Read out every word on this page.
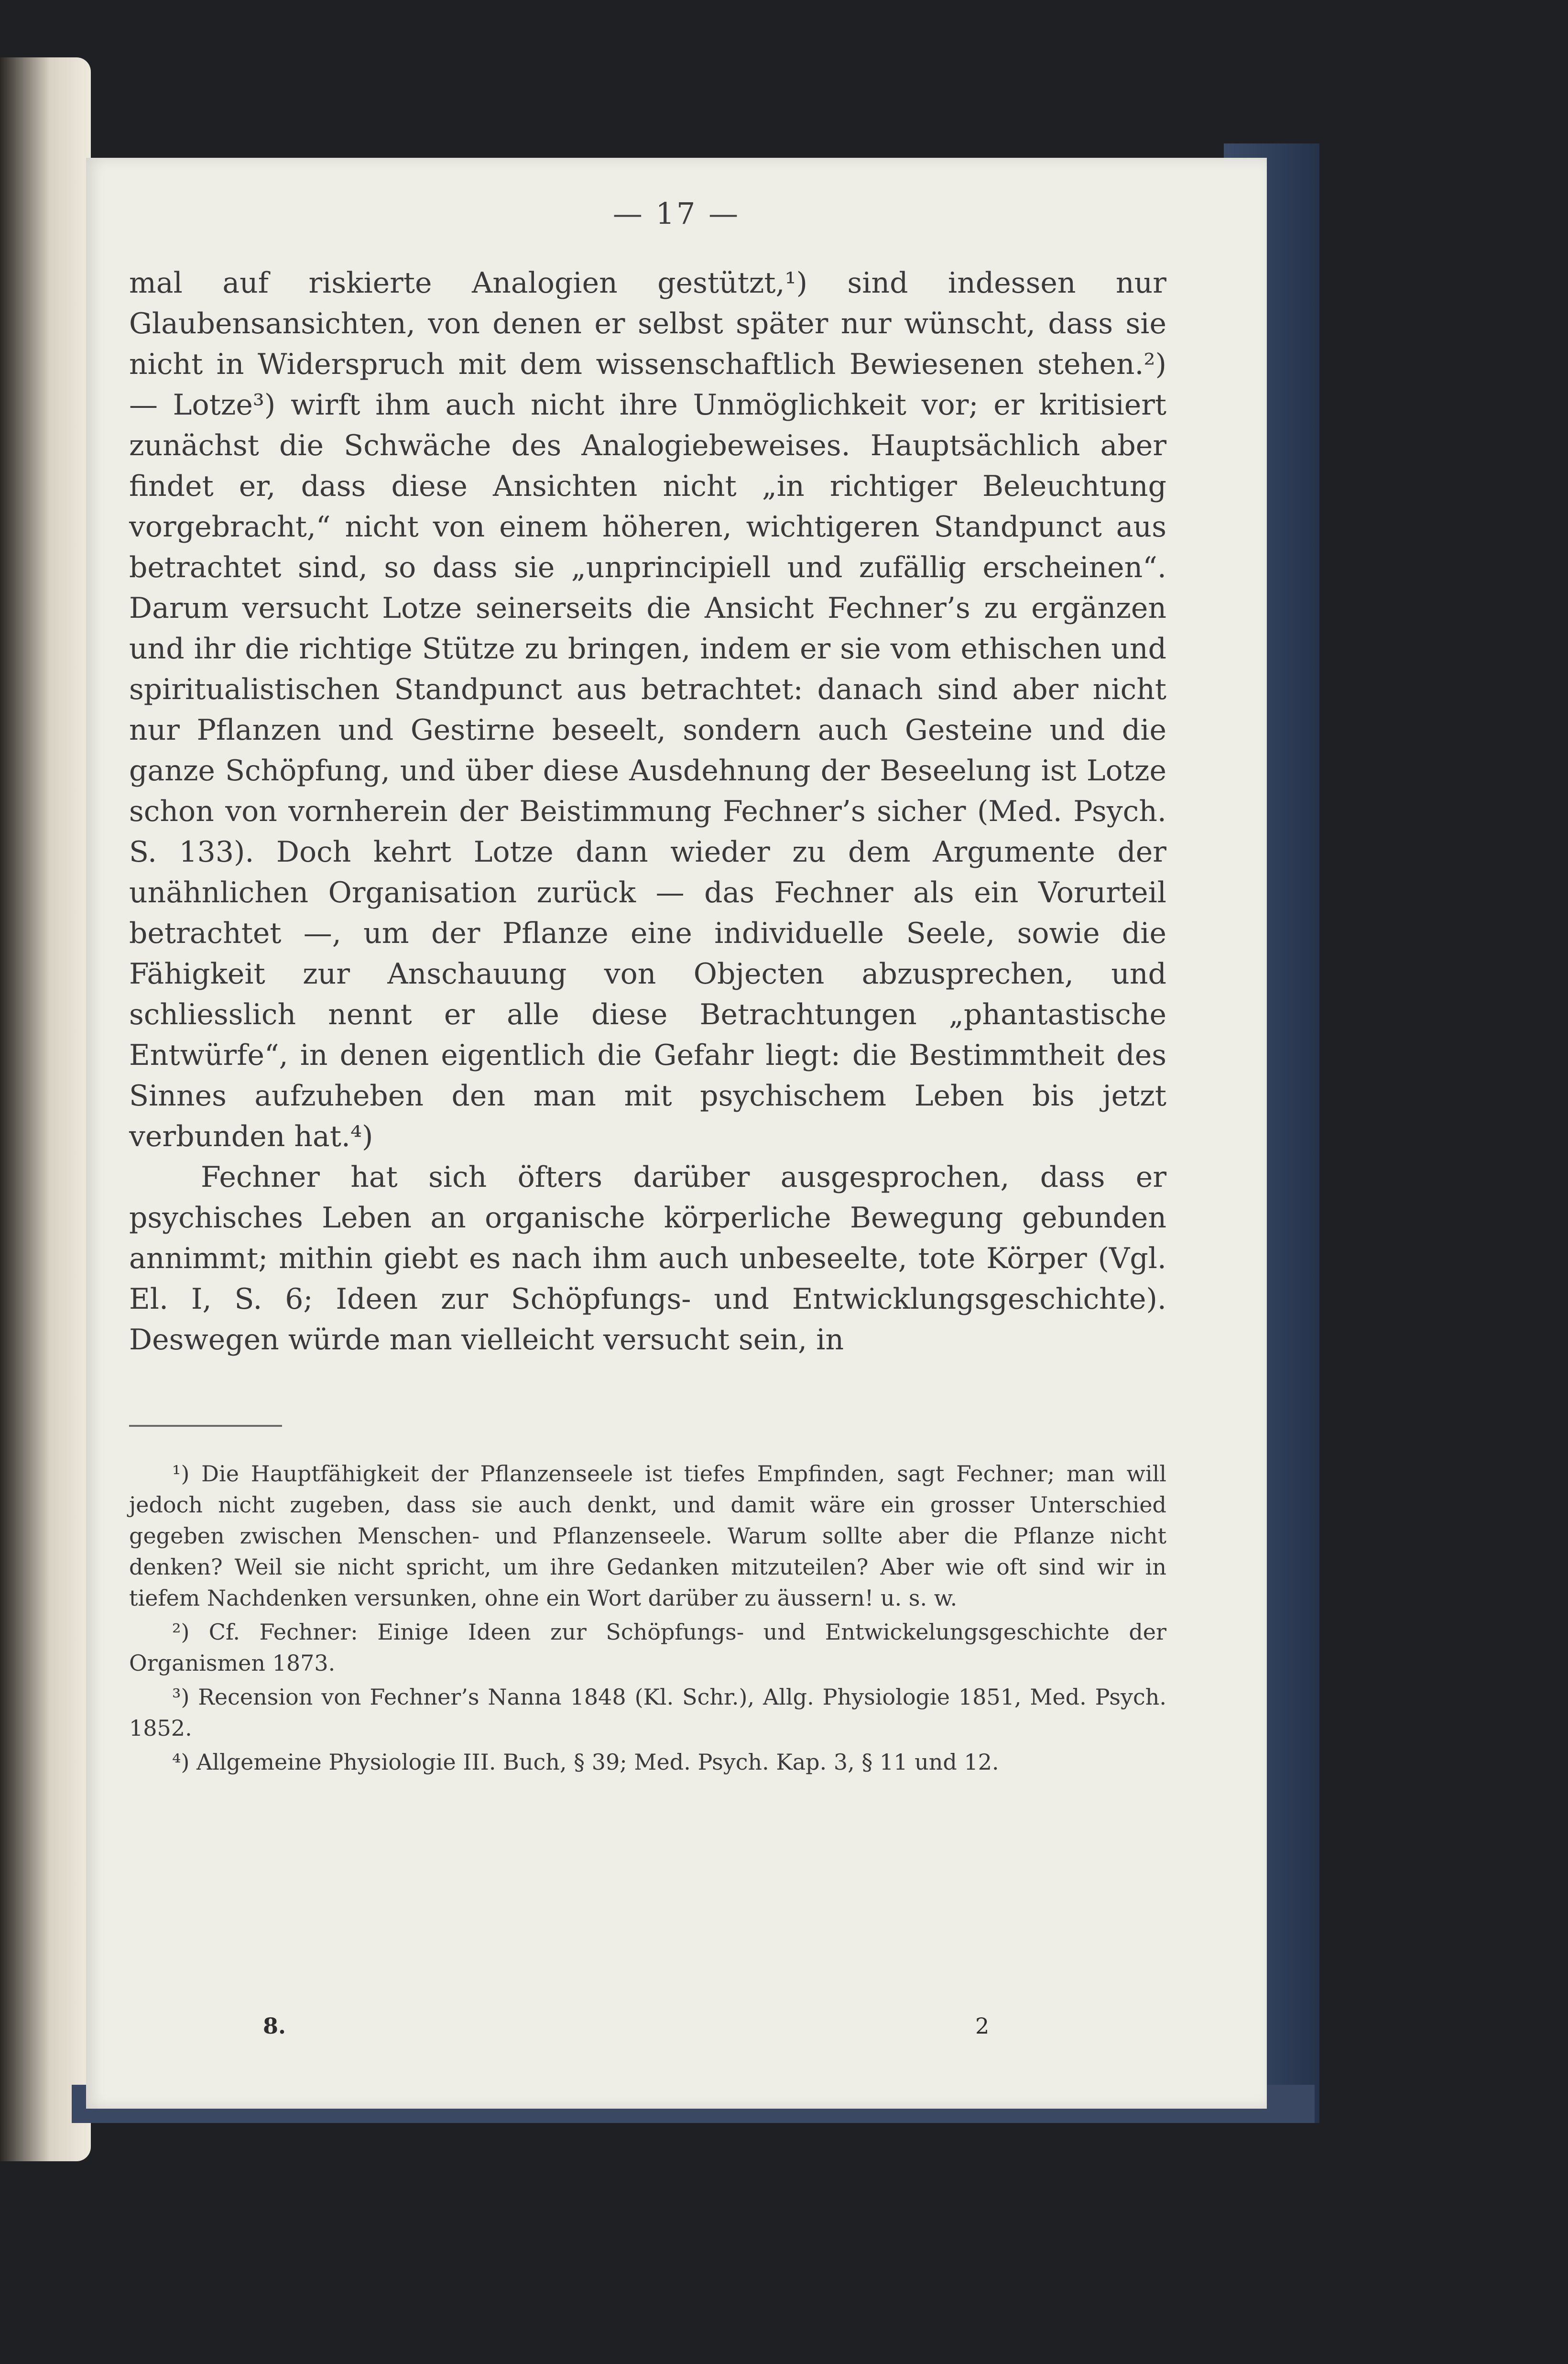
— 17 —

mal auf riskierte Analogien gestützt,¹) sind indessen nur Glaubensansichten, von denen er selbst später nur wünscht, dass sie nicht in Widerspruch mit dem wissenschaftlich Bewiesenen stehen.²) — Lotze³) wirft ihm auch nicht ihre Unmöglichkeit vor; er kritisiert zunächst die Schwäche des Analogiebeweises. Hauptsächlich aber findet er, dass diese Ansichten nicht „in richtiger Beleuchtung vorgebracht,“ nicht von einem höheren, wichtigeren Standpunct aus betrachtet sind, so dass sie „unprincipiell und zufällig erscheinen“. Darum versucht Lotze seinerseits die Ansicht Fechner’s zu ergänzen und ihr die richtige Stütze zu bringen, indem er sie vom ethischen und spiritualistischen Standpunct aus betrachtet: danach sind aber nicht nur Pflanzen und Gestirne beseelt, sondern auch Gesteine und die ganze Schöpfung, und über diese Ausdehnung der Beseelung ist Lotze schon von vornherein der Beistimmung Fechner’s sicher (Med. Psych. S. 133). Doch kehrt Lotze dann wieder zu dem Argumente der unähnlichen Organisation zurück — das Fechner als ein Vorurteil betrachtet —, um der Pflanze eine individuelle Seele, sowie die Fähigkeit zur Anschauung von Objecten abzusprechen, und schliesslich nennt er alle diese Betrachtungen „phantastische Entwürfe“, in denen eigentlich die Gefahr liegt: die Bestimmtheit des Sinnes aufzuheben den man mit psychischem Leben bis jetzt verbunden hat.⁴)

Fechner hat sich öfters darüber ausgesprochen, dass er psychisches Leben an organische körperliche Bewegung gebunden annimmt; mithin giebt es nach ihm auch unbeseelte, tote Körper (Vgl. El. I, S. 6; Ideen zur Schöpfungs- und Entwicklungsgeschichte). Deswegen würde man vielleicht versucht sein, in

¹) Die Hauptfähigkeit der Pflanzenseele ist tiefes Empfinden, sagt Fechner; man will jedoch nicht zugeben, dass sie auch denkt, und damit wäre ein grosser Unterschied gegeben zwischen Menschen- und Pflanzenseele. Warum sollte aber die Pflanze nicht denken? Weil sie nicht spricht, um ihre Gedanken mitzuteilen? Aber wie oft sind wir in tiefem Nachdenken versunken, ohne ein Wort darüber zu äussern! u. s. w.

²) Cf. Fechner: Einige Ideen zur Schöpfungs- und Entwickelungsgeschichte der Organismen 1873.

³) Recension von Fechner’s Nanna 1848 (Kl. Schr.), Allg. Physiologie 1851, Med. Psych. 1852.

⁴) Allgemeine Physiologie III. Buch, § 39; Med. Psych. Kap. 3, § 11 und 12.

8.	2
